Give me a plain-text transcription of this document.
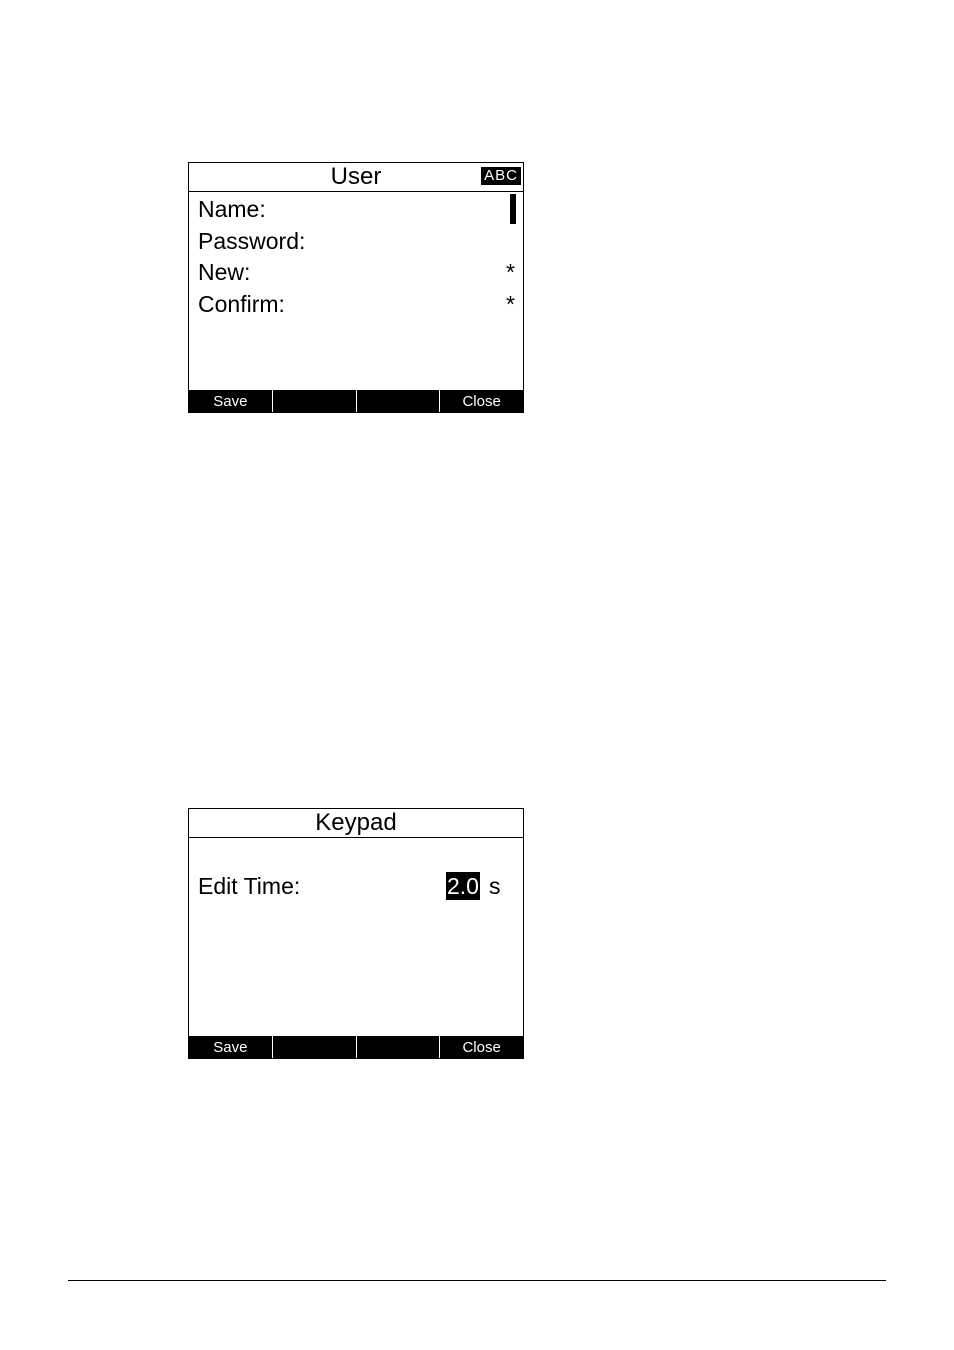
User	ABC
Name:
Password:
New:	*
Confirm:	*
Save	Close
Keypad
Edit Time:	2.0 s
Save	Close
